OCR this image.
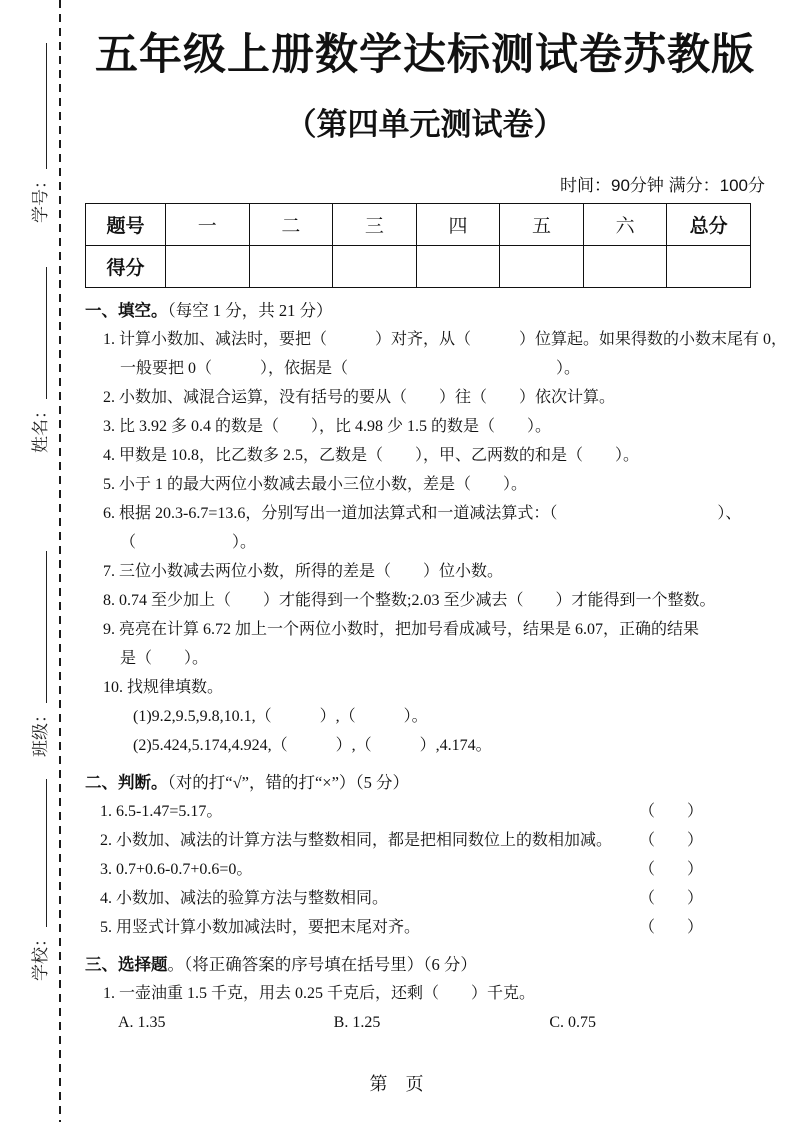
学校：
班级：
姓名：
学号：
五年级上册数学达标测试卷苏教版
（第四单元测试卷）
时间：90分钟 满分：100分
题号	一	二	三	四	五	六	总分
得分							
一、填空。（每空 1 分，共 21 分）
1. 计算小数加、减法时，要把（　　　）对齐，从（　　　）位算起。如果得数的小数末尾有 0，
一般要把 0（　　　），依据是（　　　　　　　　　　　　　）。
2. 小数加、减混合运算，没有括号的要从（　　）往（　　）依次计算。
3. 比 3.92 多 0.4 的数是（　　），比 4.98 少 1.5 的数是（　　）。
4. 甲数是 10.8，比乙数多 2.5，乙数是（　　），甲、乙两数的和是（　　）。
5. 小于 1 的最大两位小数减去最小三位小数，差是（　　）。
6. 根据 20.3-6.7=13.6，分别写出一道加法算式和一道减法算式：（　　　　　　　　　　）、
（　　　　　　）。
7. 三位小数减去两位小数，所得的差是（　　）位小数。
8. 0.74 至少加上（　　）才能得到一个整数;2.03 至少减去（　　）才能得到一个整数。
9. 亮亮在计算 6.72 加上一个两位小数时，把加号看成减号，结果是 6.07，正确的结果
是（　　）。
10. 找规律填数。
(1)9.2,9.5,9.8,10.1,（　　　）,（　　　）。
(2)5.424,5.174,4.924,（　　　）,（　　　）,4.174。
二、判断。（对的打“√”，错的打“×”）（5 分）
1. 6.5-1.47=5.17。	（　　）
2. 小数加、减法的计算方法与整数相同，都是把相同数位上的数相加减。 （　　）
3. 0.7+0.6-0.7+0.6=0。	（　　）
4. 小数加、减法的验算方法与整数相同。	（　　）
5. 用竖式计算小数加减法时，要把末尾对齐。	（　　）
三、选择题。（将正确答案的序号填在括号里）（6 分）
1. 一壶油重 1.5 千克，用去 0.25 千克后，还剩（　　）千克。
A. 1.35	B. 1.25	C. 0.75
第　页
